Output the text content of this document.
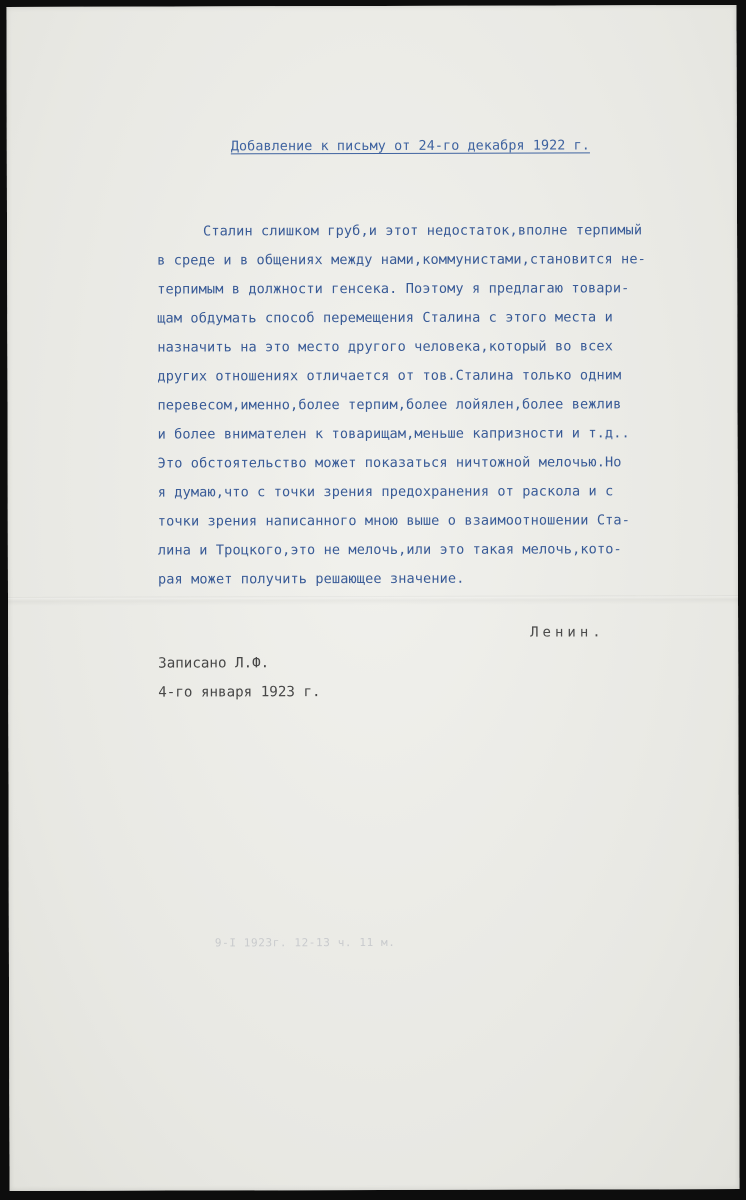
Добавление к письму от 24-го декабря 1922 г.

Сталин слишком груб,и этот недостаток,вполне терпимый

в среде и в общениях между нами,коммунистами,становится не-

терпимым в должности генсека. Поэтому я предлагаю товари-

щам обдумать способ перемещения Сталина с этого места и

назначить на это место другого человека,который во всех

других отношениях отличается от тов.Сталина только одним

перевесом,именно,более терпим,более лойялен,более вежлив

и более внимателен к товарищам,меньше капризности и т.д..

Это обстоятельство может показаться ничтожной мелочью.Но

я думаю,что с точки зрения предохранения от раскола и с

точки зрения написанного мною выше о взаимоотношении Ста-

лина и Троцкого,это не мелочь,или это такая мелочь,кото-

рая может получить решающее значение.

Ленин.

Записано Л.Ф.

4-го января 1923 г.

9-I 1923г. 12-13 ч. 11 м.
